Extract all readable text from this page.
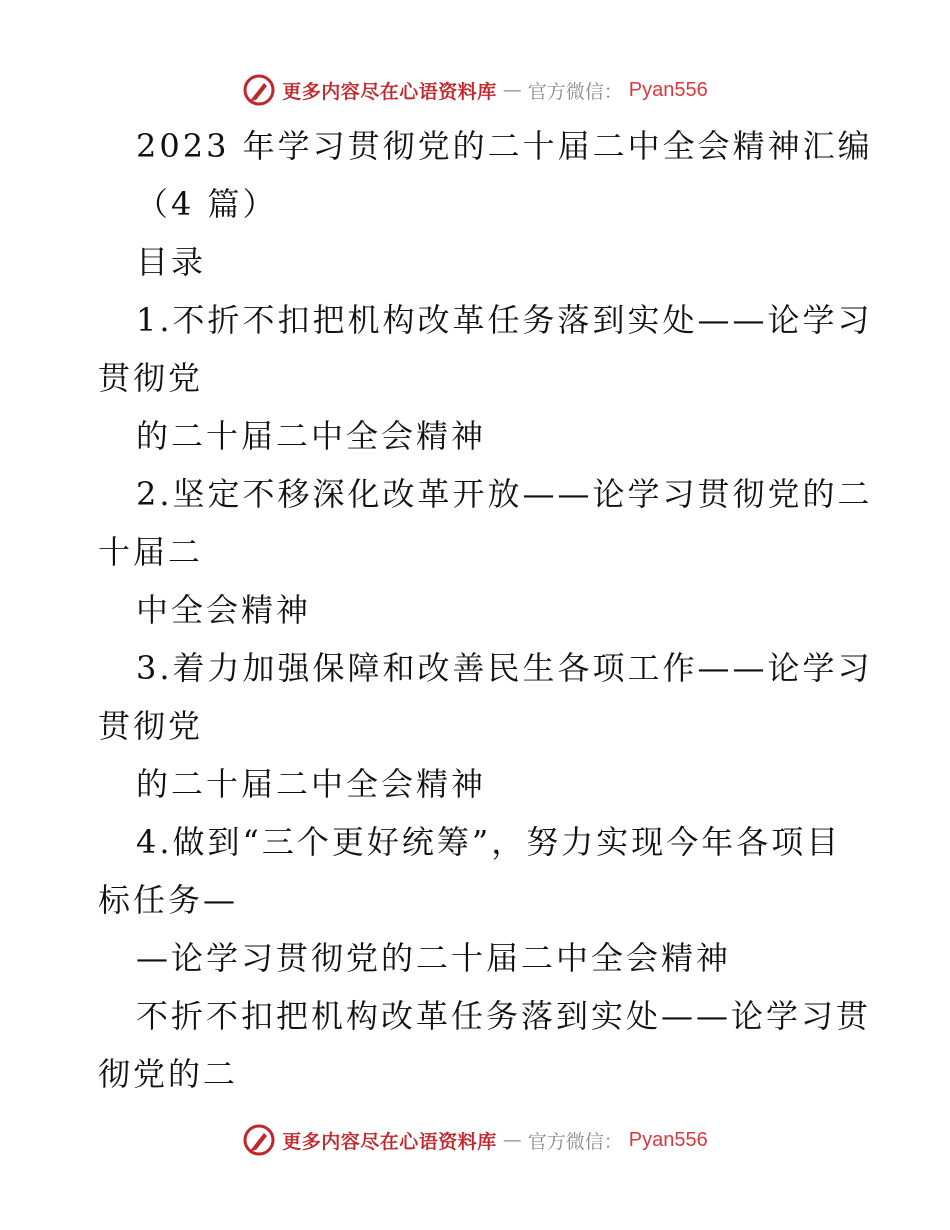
更多内容尽在心语资料库 — 官方微信： Pyan556

2023 年学习贯彻党的二十届二中全会精神汇编

（4 篇）

目录

1.不折不扣把机构改革任务落到实处——论学习

贯彻党

的二十届二中全会精神

2.坚定不移深化改革开放——论学习贯彻党的二

十届二

中全会精神

3.着力加强保障和改善民生各项工作——论学习

贯彻党

的二十届二中全会精神

4.做到“三个更好统筹”，努力实现今年各项目

标任务—

—论学习贯彻党的二十届二中全会精神

不折不扣把机构改革任务落到实处——论学习贯

彻党的二

更多内容尽在心语资料库 — 官方微信： Pyan556
